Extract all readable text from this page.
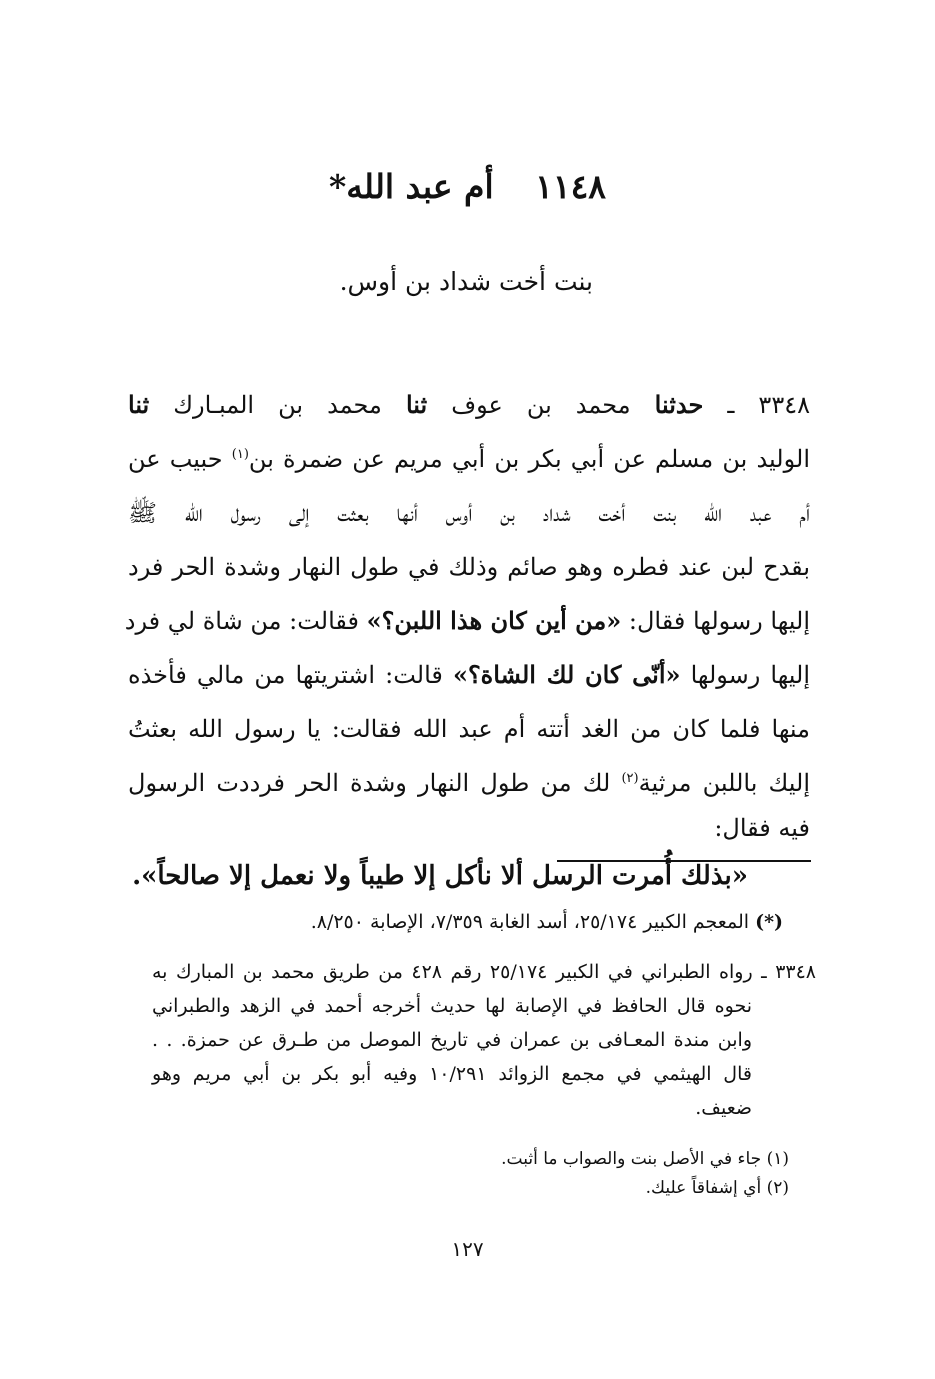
١١٤٨ أم عبد الله*
بنت أخت شداد بن أوس.
٣٣٤٨ ـ حدثنا محمد بن عوف ثنا محمد بن المبـارك ثنا
الوليد بن مسلم عن أبي بكر بن أبي مريم عن ضمرة بن$^{(١)}$ حبيب عن
أم عبد الله بنت أخت شداد بن أوس أنها بعثت إلى رسول الله ﷺ
بقدح لبن عند فطره وهو صائم وذلك في طول النهار وشدة الحر فرد
إليها رسولها فقال: «من أين كان هذا اللبن؟» فقالت: من شاة لي فرد
إليها رسولها «أنّى كان لك الشاة؟» قالت: اشتريتها من مالي فأخذه
منها فلما كان من الغد أتته أم عبد الله فقالت: يا رسول الله بعثتُ
إليك باللبن مرثية$^{(٢)}$ لك من طول النهار وشدة الحر فرددت الرسول
فيه فقال:
«بذلك أُمرت الرسل ألا نأكل إلا طيباً ولا نعمل إلا صالحاً».
(*) المعجم الكبير ٢٥/١٧٤، أسد الغابة ٧/٣٥٩، الإصابة ٨/٢٥٠.
٣٣٤٨ ـ رواه الطبراني في الكبير ٢٥/١٧٤ رقم ٤٢٨ من طريق محمد بن المبارك به
نحوه قال الحافظ في الإصابة لها حديث أخرجه أحمد في الزهد والطبراني
وابن مندة المعـافى بن عمران في تاريخ الموصل من طـرق عن حمزة. . .
قال الهيثمي في مجمع الزوائد ١٠/٢٩١ وفيه أبو بكر بن أبي مريم وهو
ضعيف.
(١) جاء في الأصل بنت والصواب ما أثبت.
(٢) أي إشفاقاً عليك.
١٢٧
